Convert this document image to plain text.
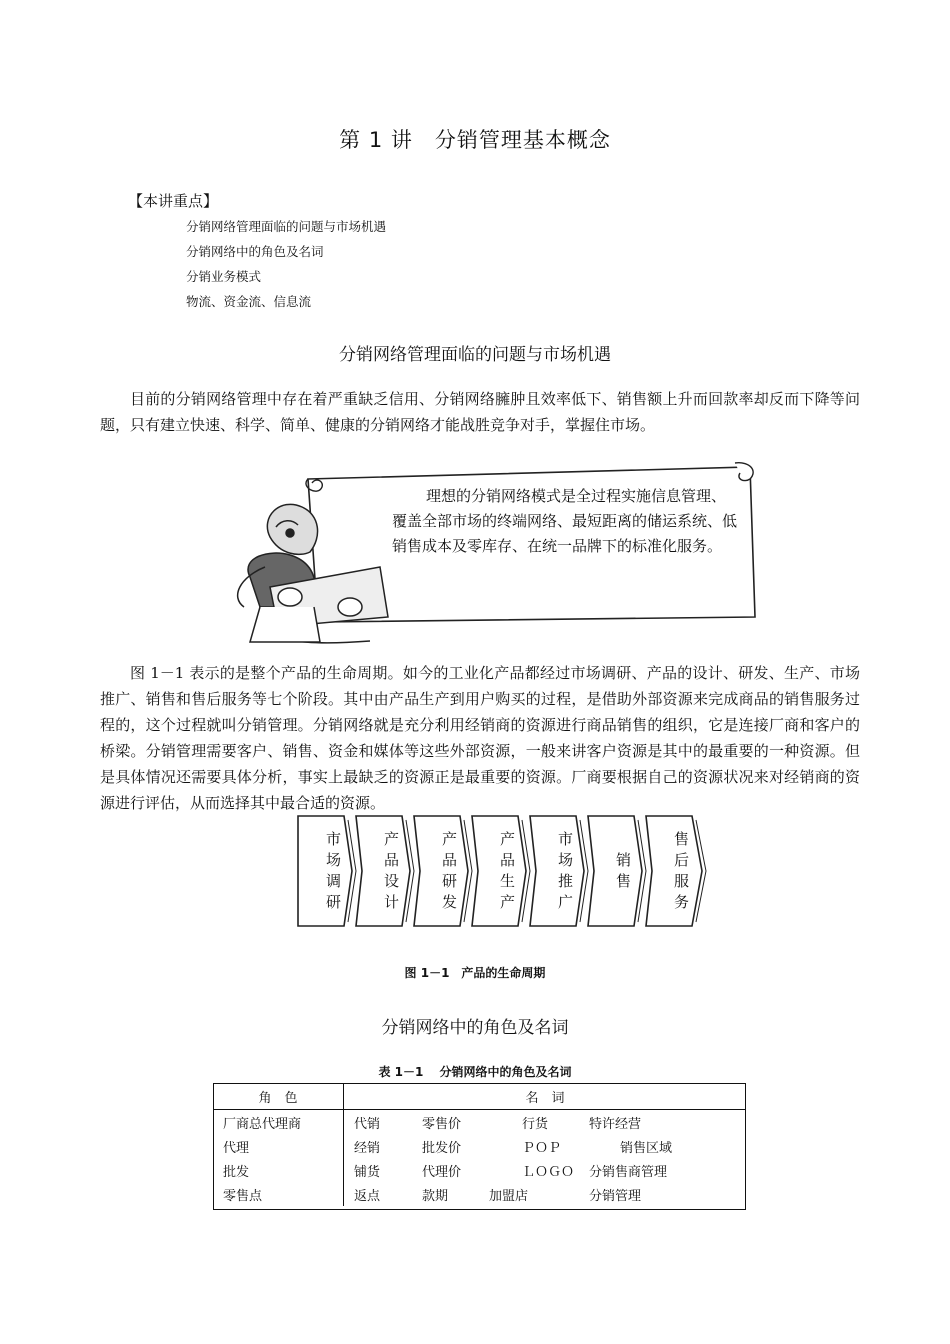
第 1 讲　分销管理基本概念
【本讲重点】
分销网络管理面临的问题与市场机遇
分销网络中的角色及名词
分销业务模式
物流、资金流、信息流
分销网络管理面临的问题与市场机遇

目前的分销网络管理中存在着严重缺乏信用、分销网络臃肿且效率低下、销售额上升而回款率却反而下降等问题，只有建立快速、科学、简单、健康的分销网络才能战胜竞争对手，掌握住市场。

理想的分销网络模式是全过程实施信息管理、覆盖全部市场的终端网络、最短距离的储运系统、低销售成本及零库存、在统一品牌下的标准化服务。

图 1－1 表示的是整个产品的生命周期。如今的工业化产品都经过市场调研、产品的设计、研发、生产、市场推广、销售和售后服务等七个阶段。其中由产品生产到用户购买的过程，是借助外部资源来完成商品的销售服务过程的，这个过程就叫分销管理。分销网络就是充分利用经销商的资源进行商品销售的组织，它是连接厂商和客户的桥梁。分销管理需要客户、销售、资金和媒体等这些外部资源，一般来讲客户资源是其中的最重要的一种资源。但是具体情况还需要具体分析，事实上最缺乏的资源正是最重要的资源。厂商要根据自己的资源状况来对经销商的资源进行评估，从而选择其中最合适的资源。

市场调研	产品设计	产品研发	产品生产	市场推广	销售	售后服务
图 1－1　产品的生命周期
分销网络中的角色及名词
表 1－1　 分销网络中的角色及名词
角　色	名　词
厂商总代理商	代销 零售价 行货 特许经营
代理	经销 批发价 ＰＯＰ 销售区域
批发	铺货 代理价 ＬＯＧＯ 分销售商管理
零售点	返点 款期 加盟店 分销管理
